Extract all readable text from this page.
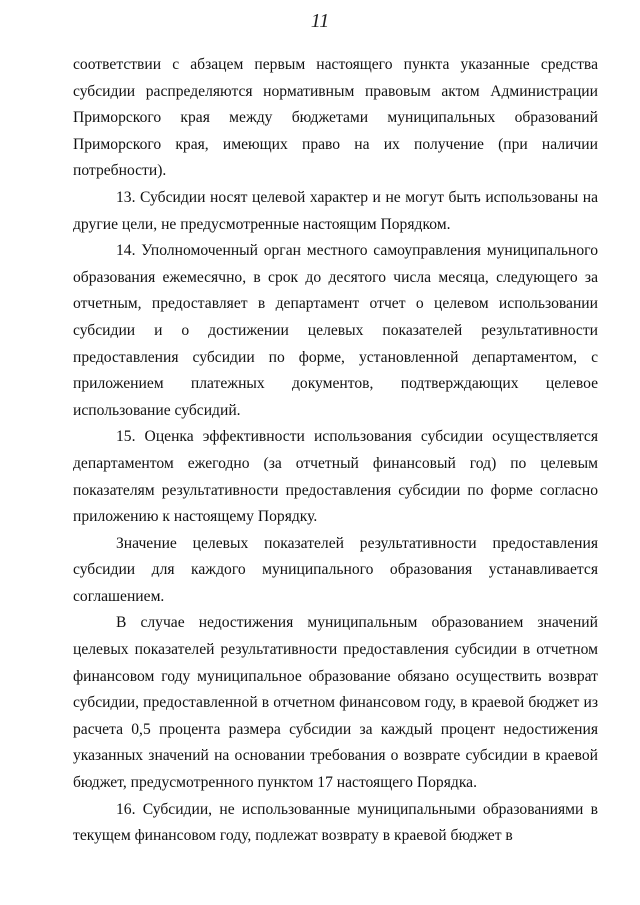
11

соответствии с абзацем первым настоящего пункта указанные средства субсидии распределяются нормативным правовым актом Администрации Приморского края между бюджетами муниципальных образований Приморского края, имеющих право на их получение (при наличии потребности).

13. Субсидии носят целевой характер и не могут быть использованы на другие цели, не предусмотренные настоящим Порядком.

14. Уполномоченный орган местного самоуправления муниципального образования ежемесячно, в срок до десятого числа месяца, следующего за отчетным, предоставляет в департамент отчет о целевом использовании субсидии и о достижении целевых показателей результативности предоставления субсидии по форме, установленной департаментом, с приложением платежных документов, подтверждающих целевое использование субсидий.

15. Оценка эффективности использования субсидии осуществляется департаментом ежегодно (за отчетный финансовый год) по целевым показателям результативности предоставления субсидии по форме согласно приложению к настоящему Порядку.

Значение целевых показателей результативности предоставления субсидии для каждого муниципального образования устанавливается соглашением.

В случае недостижения муниципальным образованием значений целевых показателей результативности предоставления субсидии в отчетном финансовом году муниципальное образование обязано осуществить возврат субсидии, предоставленной в отчетном финансовом году, в краевой бюджет из расчета 0,5 процента размера субсидии за каждый процент недостижения указанных значений на основании требования о возврате субсидии в краевой бюджет, предусмотренного пунктом 17 настоящего Порядка.

16. Субсидии, не использованные муниципальными образованиями в текущем финансовом году, подлежат возврату в краевой бюджет в
